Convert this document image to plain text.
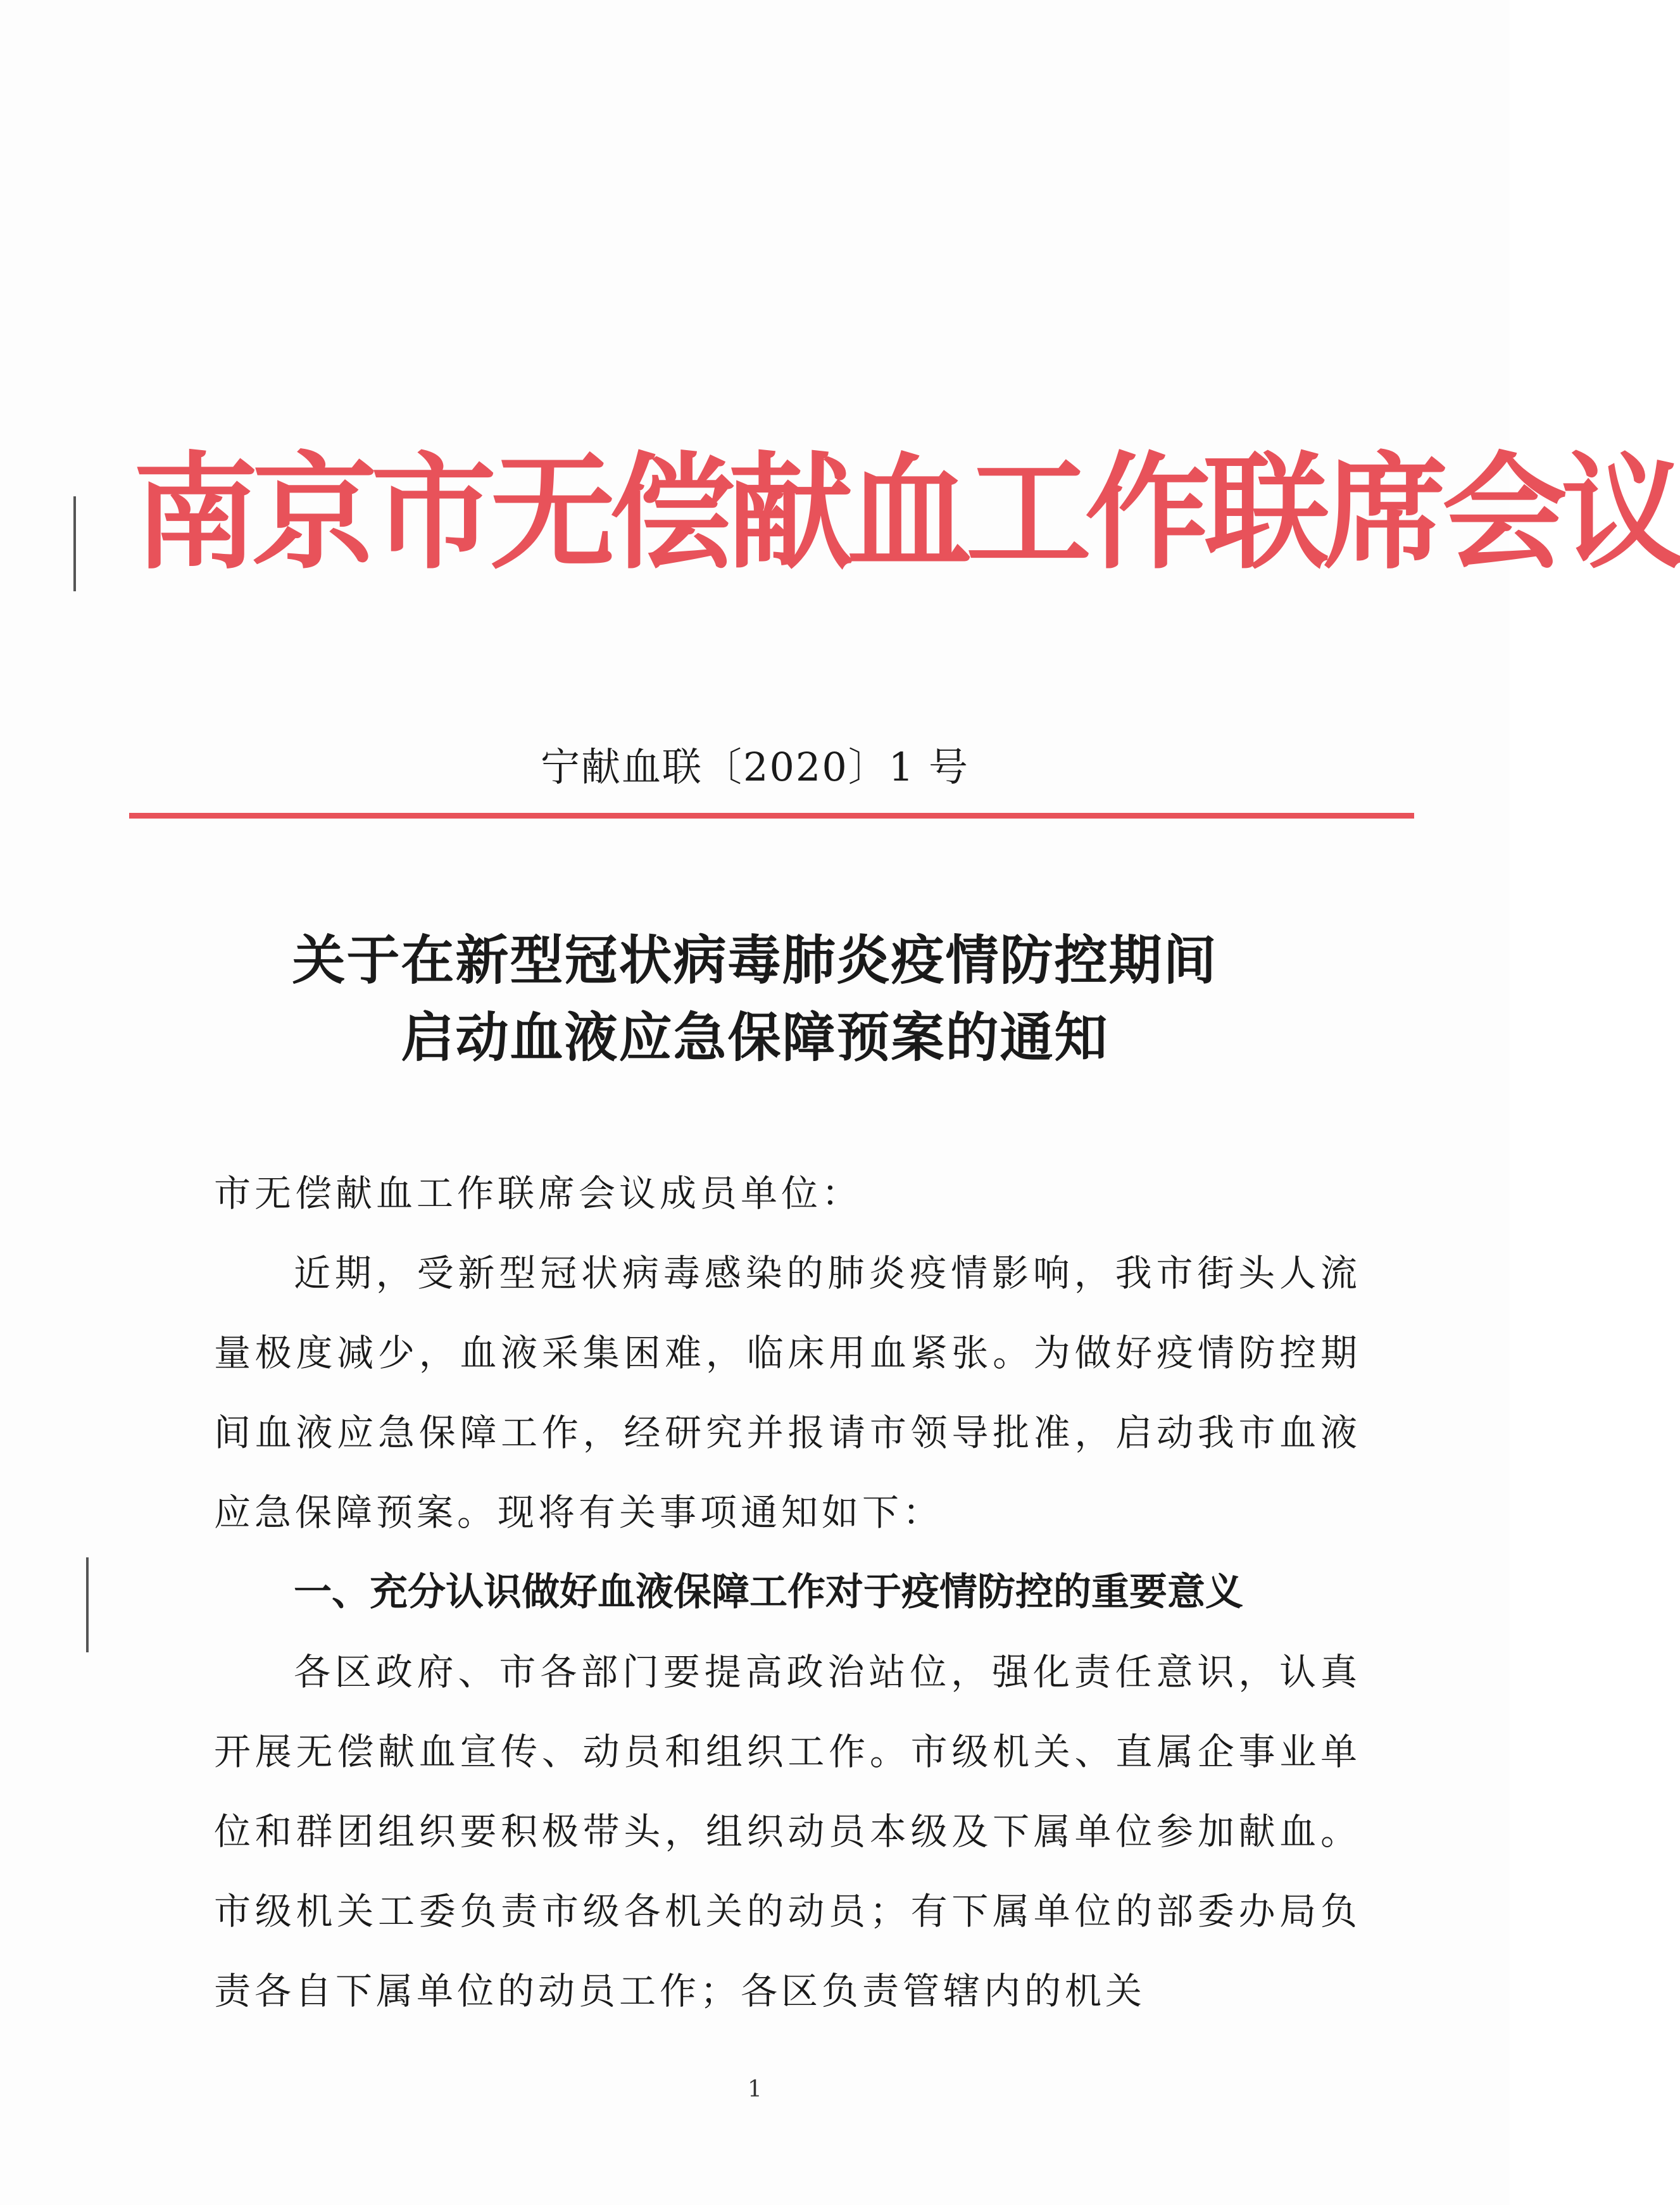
南京市无偿献血工作联席会议
宁献血联〔2020〕1 号
关于在新型冠状病毒肺炎疫情防控期间
启动血液应急保障预案的通知
市无偿献血工作联席会议成员单位：
近期，受新型冠状病毒感染的肺炎疫情影响，我市街头人流量极度减少，血液采集困难，临床用血紧张。为做好疫情防控期间血液应急保障工作，经研究并报请市领导批准，启动我市血液应急保障预案。现将有关事项通知如下：
一、充分认识做好血液保障工作对于疫情防控的重要意义
各区政府、市各部门要提高政治站位，强化责任意识，认真开展无偿献血宣传、动员和组织工作。市级机关、直属企事业单位和群团组织要积极带头，组织动员本级及下属单位参加献血。市级机关工委负责市级各机关的动员；有下属单位的部委办局负责各自下属单位的动员工作；各区负责管辖内的机关
1
